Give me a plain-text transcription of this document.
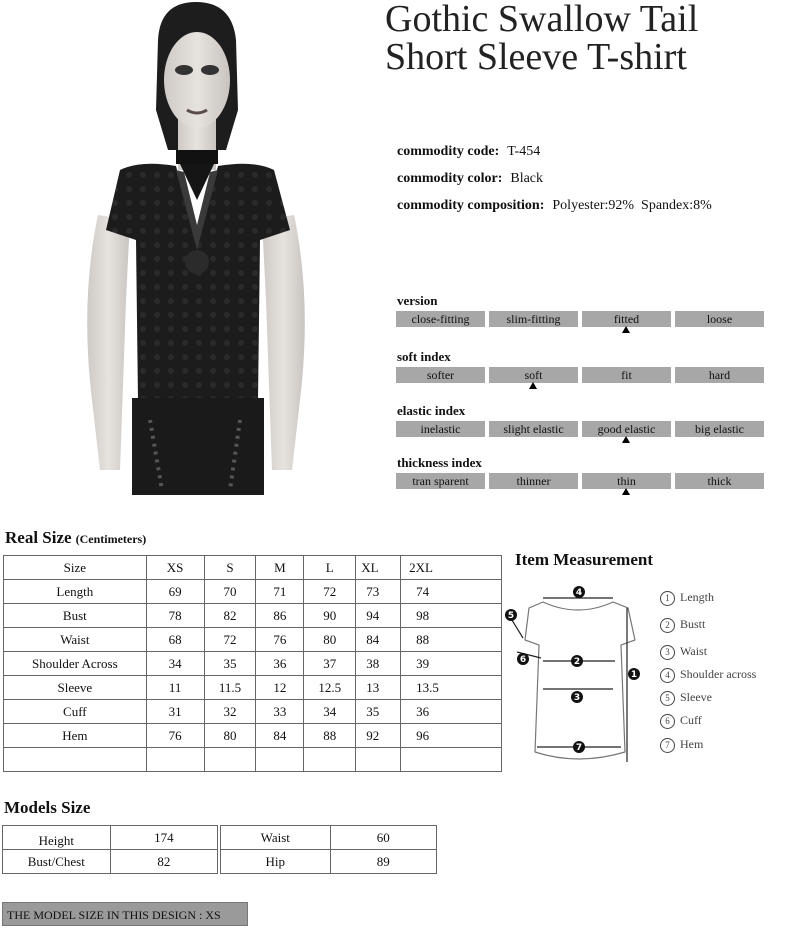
Gothic Swallow Tail
Short Sleeve T-shirt
commodity code: T-454
commodity color: Black
commodity composition: Polyester:92%  Spandex:8%
version
close-fitting	slim-fitting	fitted	loose
soft index
softer	soft	fit	hard
elastic index
inelastic	slight elastic	good elastic	big elastic
thickness index
tran sparent	thinner	thin	thick
Real Size (Centimeters)
Size	XS	S	M	L	XL	2XL
Length	69	70	71	72	73	74
Bust	78	82	86	90	94	98
Waist	68	72	76	80	84	88
Shoulder Across	34	35	36	37	38	39
Sleeve	11	11.5	12	12.5	13	13.5
Cuff	31	32	33	34	35	36
Hem	76	80	84	88	92	96

Item Measurement
4
2
3
7
1
5
6
1 Length
2 Bustt
3 Waist
4 Shoulder across
5 Sleeve
6 Cuff
7 Hem
Models Size
Height	174
Bust/Chest	82
Waist	60
Hip	89
THE MODEL SIZE IN THIS DESIGN : XS
